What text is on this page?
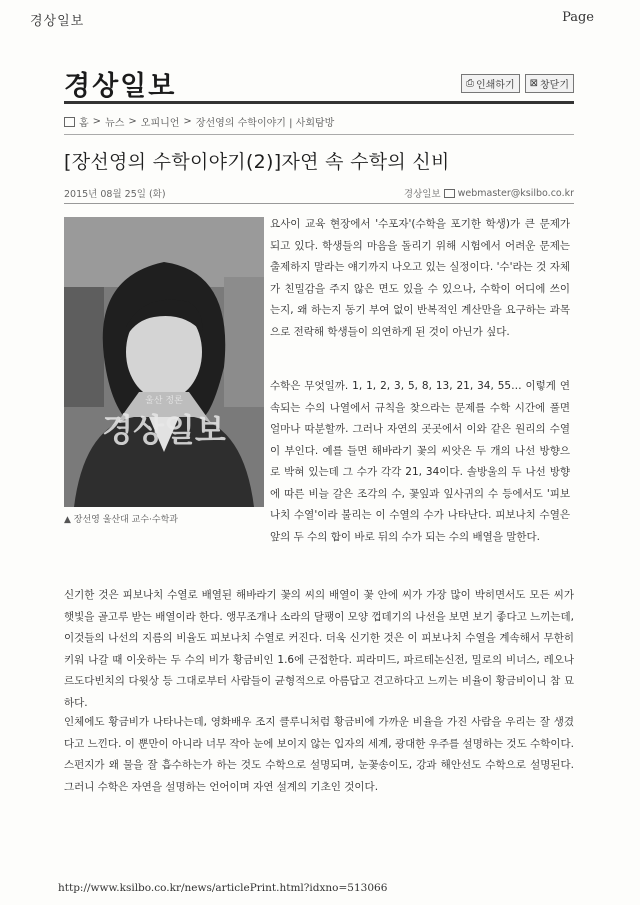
경상일보	Page
경상일보	⎙ 인쇄하기 ⊠ 창닫기
홈 > 뉴스 > 오피니언 > 장선영의 수학이야기 | 사회탐방
[장선영의 수학이야기(2)]자연 속 수학의 신비
2015년 08월 25일 (화)	경상일보 webmaster@ksilbo.co.kr
울산 정론
경상일보
▲ 장선영 울산대 교수·수학과
요사이 교육 현장에서 '수포자'(수학을 포기한 학생)가 큰 문제가 되고 있다. 학생들의 마음을 돌리기 위해 시험에서 어려운 문제는 출제하지 말라는 얘기까지 나오고 있는 실정이다. '수'라는 것 자체가 친밀감을 주지 않은 면도 있을 수 있으나, 수학이 어디에 쓰이는지, 왜 하는지 동기 부여 없이 반복적인 계산만을 요구하는 과목으로 전락해 학생들이 의연하게 된 것이 아닌가 싶다.
수학은 무엇일까. 1, 1, 2, 3, 5, 8, 13, 21, 34, 55… 이렇게 연속되는 수의 나열에서 규칙을 찾으라는 문제를 수학 시간에 풀면 얼마나 따분할까. 그러나 자연의 곳곳에서 이와 같은 원리의 수열이 부인다. 예를 들면 해바라기 꽃의 씨앗은 두 개의 나선 방향으로 박혀 있는데 그 수가 각각 21, 34이다. 솔방울의 두 나선 방향에 따른 비늘 갈은 조각의 수, 꽃잎과 잎사귀의 수 등에서도 '피보나치 수열'이라 불리는 이 수열의 수가 나타난다. 피보나치 수열은 앞의 두 수의 합이 바로 뒤의 수가 되는 수의 배열을 말한다.
신기한 것은 피보나치 수열로 배열된 해바라기 꽃의 씨의 배열이 꽃 안에 씨가 가장 많이 박히면서도 모든 씨가 햇빛을 골고루 받는 배열이라 한다. 앵무조개나 소라의 달팽이 모양 껍데기의 나선을 보면 보기 좋다고 느끼는데, 이것들의 나선의 지름의 비율도 피보나치 수열로 커진다. 더욱 신기한 것은 이 피보나치 수열을 계속해서 무한히 키워 나갈 때 이웃하는 두 수의 비가 황금비인 1.6에 근접한다. 피라미드, 파르테논신전, 밀로의 비너스, 레오나르도다빈치의 다윗상 등 그대로부터 사람들이 균형적으로 아름답고 견고하다고 느끼는 비율이 황금비이니 참 묘하다.
인체에도 황금비가 나타나는데, 영화배우 조지 클루니처럼 황금비에 가까운 비율을 가진 사람을 우리는 잘 생겼다고 느낀다. 이 뿐만이 아니라 너무 작아 눈에 보이지 않는 입자의 세계, 광대한 우주를 설명하는 것도 수학이다. 스펀지가 왜 물을 잘 흡수하는가 하는 것도 수학으로 설명되며, 눈꽃송이도, 강과 해안선도 수학으로 설명된다. 그러니 수학은 자연을 설명하는 언어이며 자연 설계의 기초인 것이다.
http://www.ksilbo.co.kr/news/articlePrint.html?idxno=513066
